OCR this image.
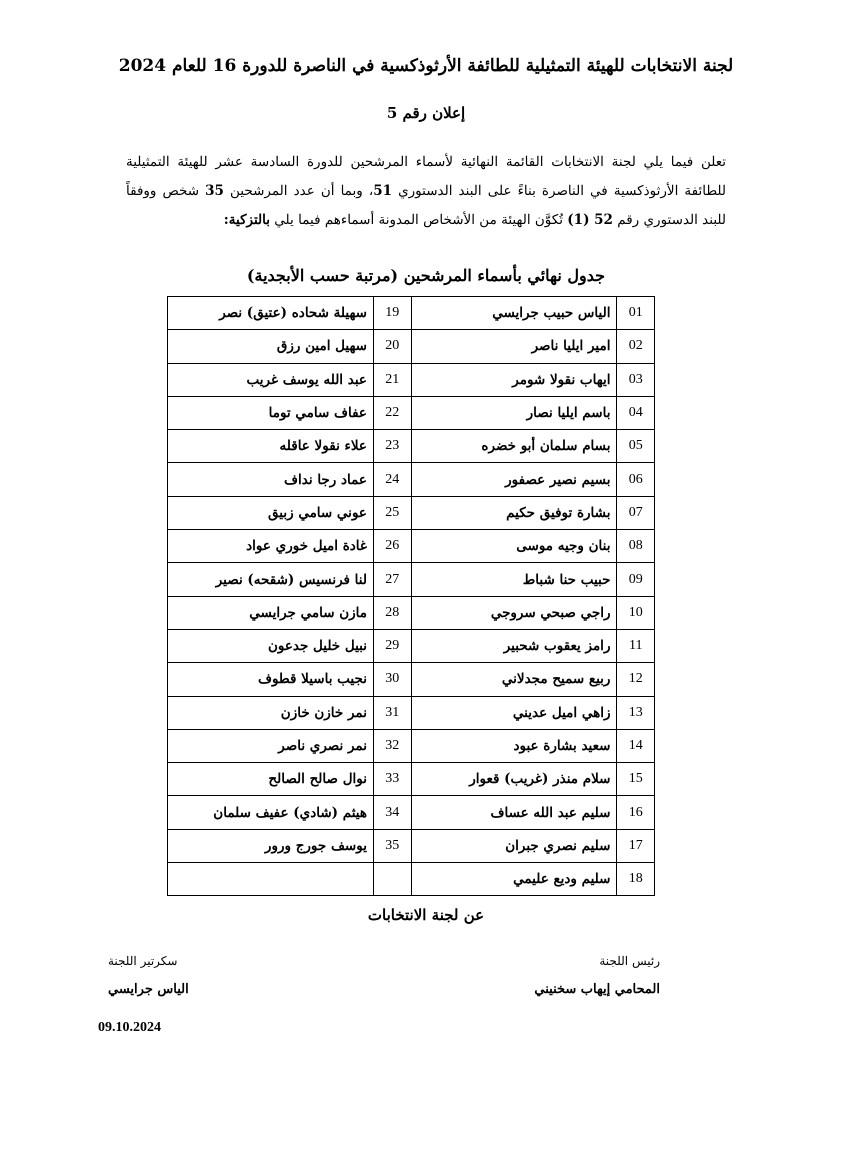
لجنة الانتخابات للهيئة التمثيلية للطائفة الأرثوذكسية في الناصرة للدورة 16 للعام 2024
إعلان رقم 5
تعلن فيما يلي لجنة الانتخابات القائمة النهائية لأسماء المرشحين للدورة السادسة عشر للهيئة التمثيلية للطائفة الأرثوذكسية في الناصرة بناءً على البند الدستوري 51، وبما أن عدد المرشحين 35 شخص ووفقاً للبند الدستوري رقم 52 (1) تُكوَّن الهيئة من الأشخاص المدونة أسماءهم فيما يلي بالتزكية:
جدول نهائي بأسماء المرشحين (مرتبة حسب الأبجدية)
01	الياس حبيب جرايسي	19	سهيلة شحاده (عتيق) نصر
02	امير ايليا ناصر	20	سهيل امين رزق
03	ايهاب نقولا شومر	21	عبد الله يوسف غريب
04	باسم ايليا نصار	22	عفاف سامي توما
05	بسام سلمان أبو خضره	23	علاء نقولا عاقله
06	بسيم نصير عصفور	24	عماد رجا نداف
07	بشارة توفيق حكيم	25	عوني سامي زبيق
08	بنان وجيه موسى	26	غادة اميل خوري عواد
09	حبيب حنا شباط	27	لنا فرنسيس (شقحه) نصير
10	راجي صبحي سروجي	28	مازن سامي جرايسي
11	رامز يعقوب شحبير	29	نبيل خليل جدعون
12	ربيع سميح مجدلاني	30	نجيب باسيلا قطوف
13	زاهي اميل عديني	31	نمر خازن خازن
14	سعيد بشارة عبود	32	نمر نصري ناصر
15	سلام منذر (غريب) قعوار	33	نوال صالح الصالح
16	سليم عبد الله عساف	34	هيثم (شادي) عفيف سلمان
17	سليم نصري جبران	35	يوسف جورج ورور
18	سليم وديع عليمي		
عن لجنة الانتخابات
رئيس اللجنة
المحامي إيهاب سخنيني
سكرتير اللجنة
الياس جرايسي
09.10.2024
